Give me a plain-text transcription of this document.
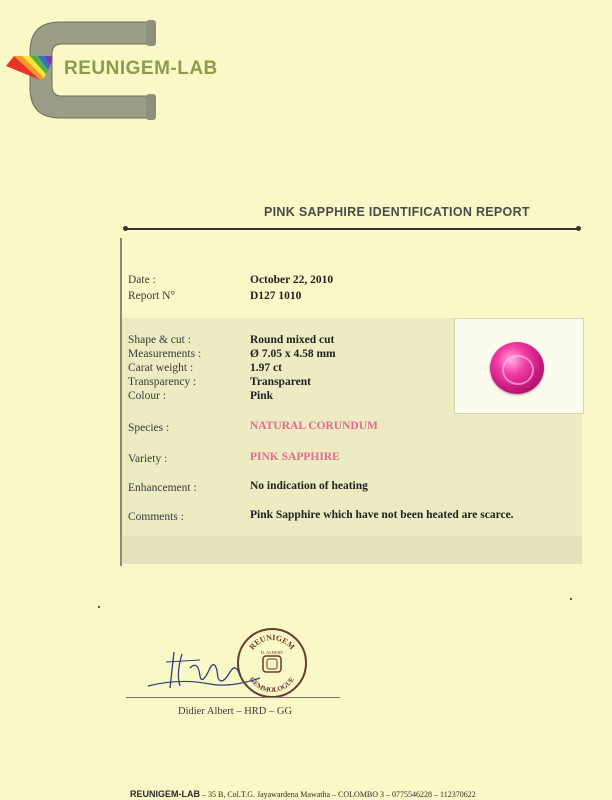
REUNIGEM-LAB
PINK SAPPHIRE IDENTIFICATION REPORT
Date :	October 22, 2010
Report N°	D127 1010
Shape & cut :	Round mixed cut
Measurements :	Ø 7.05 x 4.58 mm
Carat weight :	1.97 ct
Transparency :	Transparent
Colour :	Pink
Species :	NATURAL CORUNDUM
Variety :	PINK SAPPHIRE
Enhancement :	No indication of heating
Comments :	Pink Sapphire which have not been heated are scarce.
REUNIGEM
GEMMOLOGUE
D. ALBERT
Didier Albert – HRD – GG
REUNIGEM-LAB – 35 B, Col.T.G. Jayawardena Mawatha – COLOMBO 3 – 0775546228 – 112370622
